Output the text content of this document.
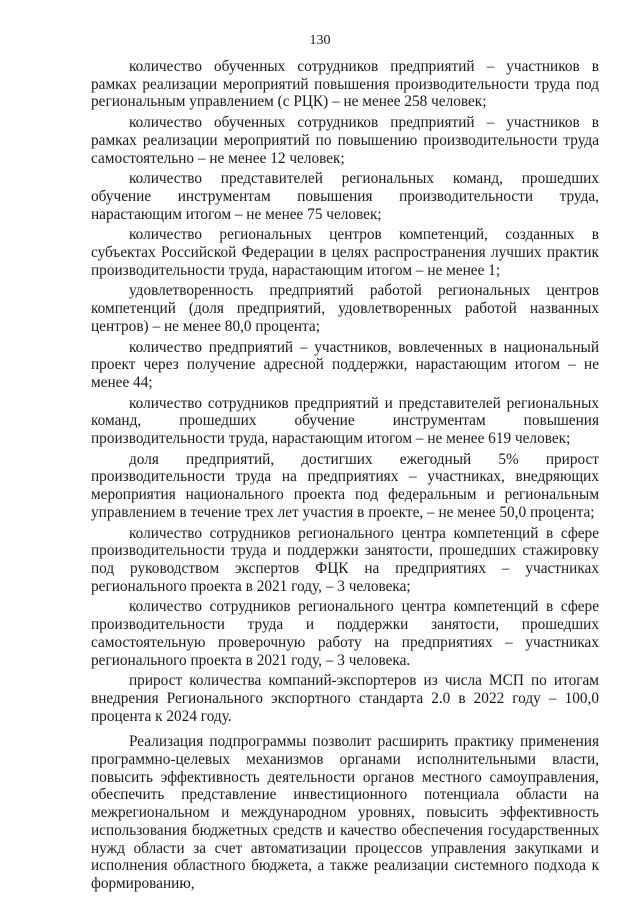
130

количество обученных сотрудников предприятий – участников в рамках реализации мероприятий повышения производительности труда под региональным управлением (с РЦК) – не менее 258 человек;

количество обученных сотрудников предприятий – участников в рамках реализации мероприятий по повышению производительности труда самостоятельно – не менее 12 человек;

количество представителей региональных команд, прошедших обучение инструментам повышения производительности труда, нарастающим итогом – не менее 75 человек;

количество региональных центров компетенций, созданных в субъектах Российской Федерации в целях распространения лучших практик производительности труда, нарастающим итогом – не менее 1;

удовлетворенность предприятий работой региональных центров компетенций (доля предприятий, удовлетворенных работой названных центров) – не менее 80,0 процента;

количество предприятий – участников, вовлеченных в национальный проект через получение адресной поддержки, нарастающим итогом – не менее 44;

количество сотрудников предприятий и представителей региональных команд, прошедших обучение инструментам повышения производительности труда, нарастающим итогом – не менее 619 человек;

доля предприятий, достигших ежегодный 5% прирост производительности труда на предприятиях – участниках, внедряющих мероприятия национального проекта под федеральным и региональным управлением в течение трех лет участия в проекте, – не менее 50,0 процента;

количество сотрудников регионального центра компетенций в сфере производительности труда и поддержки занятости, прошедших стажировку под руководством экспертов ФЦК на предприятиях – участниках регионального проекта в 2021 году, – 3 человека;

количество сотрудников регионального центра компетенций в сфере производительности труда и поддержки занятости, прошедших самостоятельную проверочную работу на предприятиях – участниках регионального проекта в 2021 году, – 3 человека.

прирост количества компаний-экспортеров из числа МСП по итогам внедрения Регионального экспортного стандарта 2.0 в 2022 году – 100,0 процента к 2024 году.

Реализация подпрограммы позволит расширить практику применения программно-целевых механизмов органами исполнительными власти, повысить эффективность деятельности органов местного самоуправления, обеспечить представление инвестиционного потенциала области на межрегиональном и международном уровнях, повысить эффективность использования бюджетных средств и качество обеспечения государственных нужд области за счет автоматизации процессов управления закупками и исполнения областного бюджета, а также реализации системного подхода к формированию,
